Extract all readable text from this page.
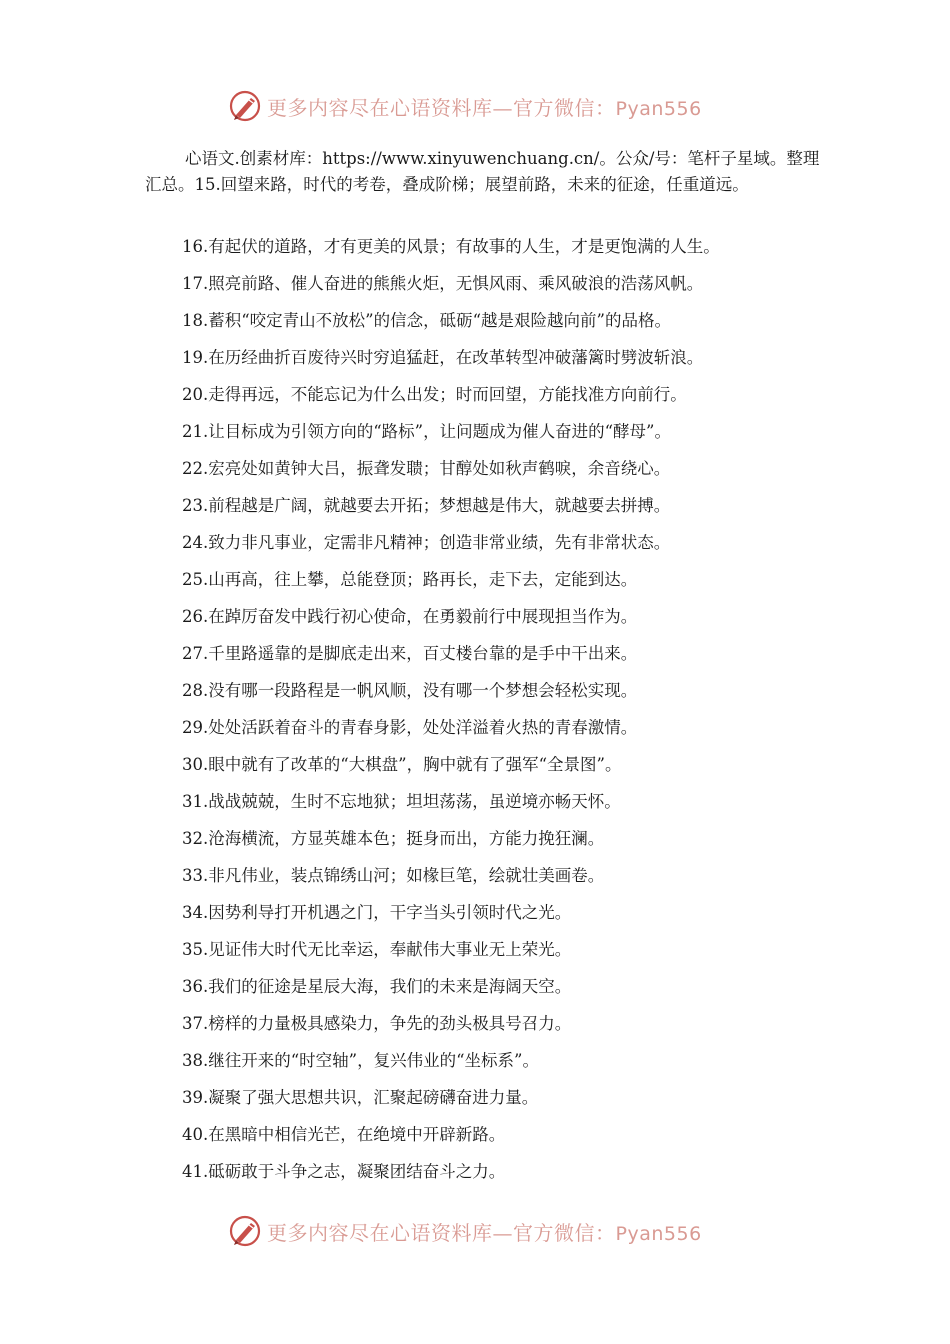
更多内容尽在心语资料库—官方微信：Pyan556

心语文.创素材库：https://www.xinyuwenchuang.cn/。公众/号：笔杆子星域。整理汇总。15.回望来路，时代的考卷，叠成阶梯；展望前路，未来的征途，任重道远。

16.有起伏的道路，才有更美的风景；有故事的人生，才是更饱满的人生。
17.照亮前路、催人奋进的熊熊火炬，无惧风雨、乘风破浪的浩荡风帆。
18.蓄积“咬定青山不放松”的信念，砥砺“越是艰险越向前”的品格。
19.在历经曲折百废待兴时穷追猛赶，在改革转型冲破藩篱时劈波斩浪。
20.走得再远，不能忘记为什么出发；时而回望，方能找准方向前行。
21.让目标成为引领方向的“路标”，让问题成为催人奋进的“酵母”。
22.宏亮处如黄钟大吕，振聋发聩；甘醇处如秋声鹤唳，余音绕心。
23.前程越是广阔，就越要去开拓；梦想越是伟大，就越要去拼搏。
24.致力非凡事业，定需非凡精神；创造非常业绩，先有非常状态。
25.山再高，往上攀，总能登顶；路再长，走下去，定能到达。
26.在踔厉奋发中践行初心使命，在勇毅前行中展现担当作为。
27.千里路遥靠的是脚底走出来，百丈楼台靠的是手中干出来。
28.没有哪一段路程是一帆风顺，没有哪一个梦想会轻松实现。
29.处处活跃着奋斗的青春身影，处处洋溢着火热的青春激情。
30.眼中就有了改革的“大棋盘”，胸中就有了强军“全景图”。
31.战战兢兢，生时不忘地狱；坦坦荡荡，虽逆境亦畅天怀。
32.沧海横流，方显英雄本色；挺身而出，方能力挽狂澜。
33.非凡伟业，装点锦绣山河；如椽巨笔，绘就壮美画卷。
34.因势利导打开机遇之门，干字当头引领时代之光。
35.见证伟大时代无比幸运，奉献伟大事业无上荣光。
36.我们的征途是星辰大海，我们的未来是海阔天空。
37.榜样的力量极具感染力，争先的劲头极具号召力。
38.继往开来的“时空轴”，复兴伟业的“坐标系”。
39.凝聚了强大思想共识，汇聚起磅礴奋进力量。
40.在黑暗中相信光芒，在绝境中开辟新路。
41.砥砺敢于斗争之志，凝聚团结奋斗之力。
更多内容尽在心语资料库—官方微信：Pyan556
